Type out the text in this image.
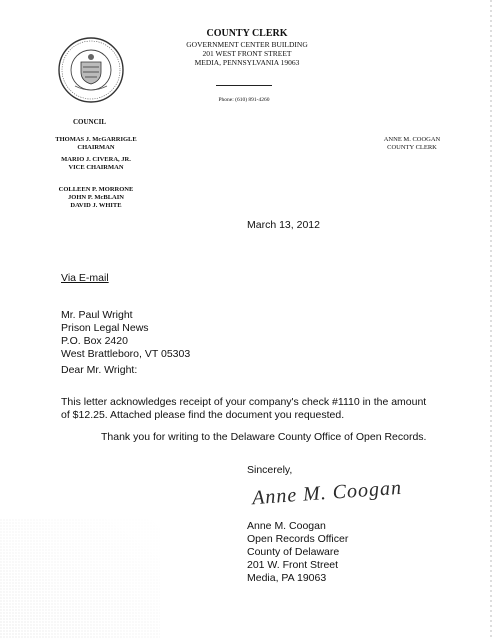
COUNTY CLERK
GOVERNMENT CENTER BUILDING
201 WEST FRONT STREET
MEDIA, PENNSYLVANIA 19063
Phone: (610) 891-4260
COUNCIL
THOMAS J. McGARRIGLE
CHAIRMAN
MARIO J. CIVERA, JR.
VICE CHAIRMAN
COLLEEN P. MORRONE
JOHN P. McBLAIN
DAVID J. WHITE
ANNE M. COOGAN
COUNTY CLERK
March 13, 2012
Via E-mail
Mr. Paul Wright
Prison Legal News
P.O. Box 2420
West Brattleboro, VT 05303
Dear Mr. Wright:
This letter acknowledges receipt of your company's check #1110 in the amount
of $12.25. Attached please find the document you requested.
Thank you for writing to the Delaware County Office of Open Records.
Sincerely,
Anne M. Coogan
Anne M. Coogan
Open Records Officer
County of Delaware
201 W. Front Street
Media, PA 19063
